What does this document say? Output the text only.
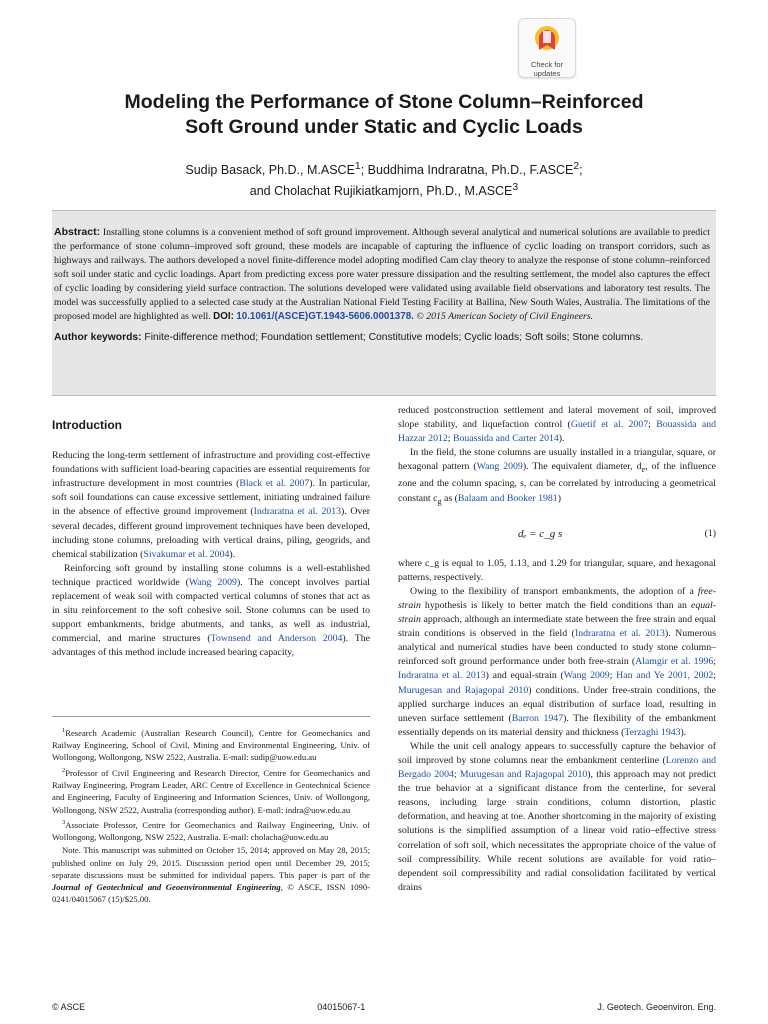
Check for
updates
Modeling the Performance of Stone Column–Reinforced
Soft Ground under Static and Cyclic Loads

Sudip Basack, Ph.D., M.ASCE$^1$; Buddhima Indraratna, Ph.D., F.ASCE$^2$;
and Cholachat Rujikiatkamjorn, Ph.D., M.ASCE$^3$

Abstract: Installing stone columns is a convenient method of soft ground improvement. Although several analytical and numerical solutions are available to predict the performance of stone column–improved soft ground, these models are incapable of capturing the influence of cyclic loading on transport corridors, such as highways and railways. The authors developed a novel finite-difference model adopting modified Cam clay theory to analyze the response of stone column–reinforced soft soil under static and cyclic loadings. Apart from predicting excess pore water pressure dissipation and the resulting settlement, the model also captures the effect of cyclic loading by considering yield surface contraction. The solutions developed were validated using available field observations and laboratory test results. The model was successfully applied to a selected case study at the Australian National Field Testing Facility at Ballina, New South Wales, Australia. The limitations of the proposed model are highlighted as well. DOI: 10.1061/(ASCE)GT.1943-5606.0001378. © 2015 American Society of Civil Engineers.

Author keywords: Finite-difference method; Foundation settlement; Constitutive models; Cyclic loads; Soft soils; Stone columns.

Introduction

Reducing the long-term settlement of infrastructure and providing cost-effective foundations with sufficient load-bearing capacities are essential requirements for infrastructure development in most countries (Black et al. 2007). In particular, soft soil foundations can cause excessive settlement, initiating undrained failure in the absence of effective ground improvement (Indraratna et al. 2013). Over several decades, different ground improvement techniques have been developed, including stone columns, preloading with vertical drains, piling, geogrids, and chemical stabilization (Sivakumar et al. 2004).

Reinforcing soft ground by installing stone columns is a well-established technique practiced worldwide (Wang 2009). The concept involves partial replacement of weak soil with compacted vertical columns of stones that act as in situ reinforcement to the soft cohesive soil. Stone columns can be used to support embankments, bridge abutments, and tanks, as well as industrial, commercial, and marine structures (Townsend and Anderson 2004). The advantages of this method include increased bearing capacity,

$^1$Research Academic (Australian Research Council), Centre for Geomechanics and Railway Engineering, School of Civil, Mining and Environmental Engineering, Univ. of Wollongong, Wollongong, NSW 2522, Australia. E-mail: sudip@uow.edu.au

$^2$Professor of Civil Engineering and Research Director, Centre for Geomechanics and Railway Engineering, Program Leader, ARC Centre of Excellence in Geotechnical Science and Engineering, Faculty of Engineering and Information Sciences, Univ. of Wollongong, Wollongong, NSW 2522, Australia (corresponding author). E-mail: indra@uow.edu.au

$^3$Associate Professor, Centre for Geomechanics and Railway Engineering, Univ. of Wollongong, Wollongong, NSW 2522, Australia. E-mail: cholacha@uow.edu.au

Note. This manuscript was submitted on October 15, 2014; approved on May 28, 2015; published online on July 29, 2015. Discussion period open until December 29, 2015; separate discussions must be submitted for individual papers. This paper is part of the Journal of Geotechnical and Geoenvironmental Engineering, © ASCE, ISSN 1090-0241/04015067 (15)/$25.00.

reduced postconstruction settlement and lateral movement of soil, improved slope stability, and liquefaction control (Guetif et al. 2007; Bouassida and Hazzar 2012; Bouassida and Carter 2014).

In the field, the stone columns are usually installed in a triangular, square, or hexagonal pattern (Wang 2009). The equivalent diameter, $d_e$, of the influence zone and the column spacing, s, can be correlated by introducing a geometrical constant $c_g$ as (Balaam and Booker 1981)

dₑ = c_g s	(1)

where c_g is equal to 1.05, 1.13, and 1.29 for triangular, square, and hexagonal patterns, respectively.

Owing to the flexibility of transport embankments, the adoption of a free-strain hypothesis is likely to better match the field conditions than an equal-strain approach, although an intermediate state between the free strain and equal strain conditions is observed in the field (Indraratna et al. 2013). Numerous analytical and numerical studies have been conducted to study stone column–reinforced soft ground performance under both free-strain (Alamgir et al. 1996; Indraratna et al. 2013) and equal-strain (Wang 2009; Han and Ye 2001, 2002; Murugesan and Rajagopal 2010) conditions. Under free-strain conditions, the applied surcharge induces an equal distribution of surface load, resulting in uneven surface settlement (Barron 1947). The flexibility of the embankment essentially depends on its material density and thickness (Terzaghi 1943).

While the unit cell analogy appears to successfully capture the behavior of soil improved by stone columns near the embankment centerline (Lorenzo and Bergado 2004; Murugesan and Rajagopal 2010), this approach may not predict the true behavior at a significant distance from the centerline, for several reasons, including large strain conditions, column distortion, plastic deformation, and heaving at toe. Another shortcoming in the majority of existing solutions is the simplified assumption of a linear void ratio–effective stress correlation of soft soil, which necessitates the appropriate choice of the value of soil compressibility. While recent solutions are available for void ratio–dependent soil compressibility and radial consolidation facilitated by vertical drains

© ASCE	04015067-1	J. Geotech. Geoenviron. Eng.
